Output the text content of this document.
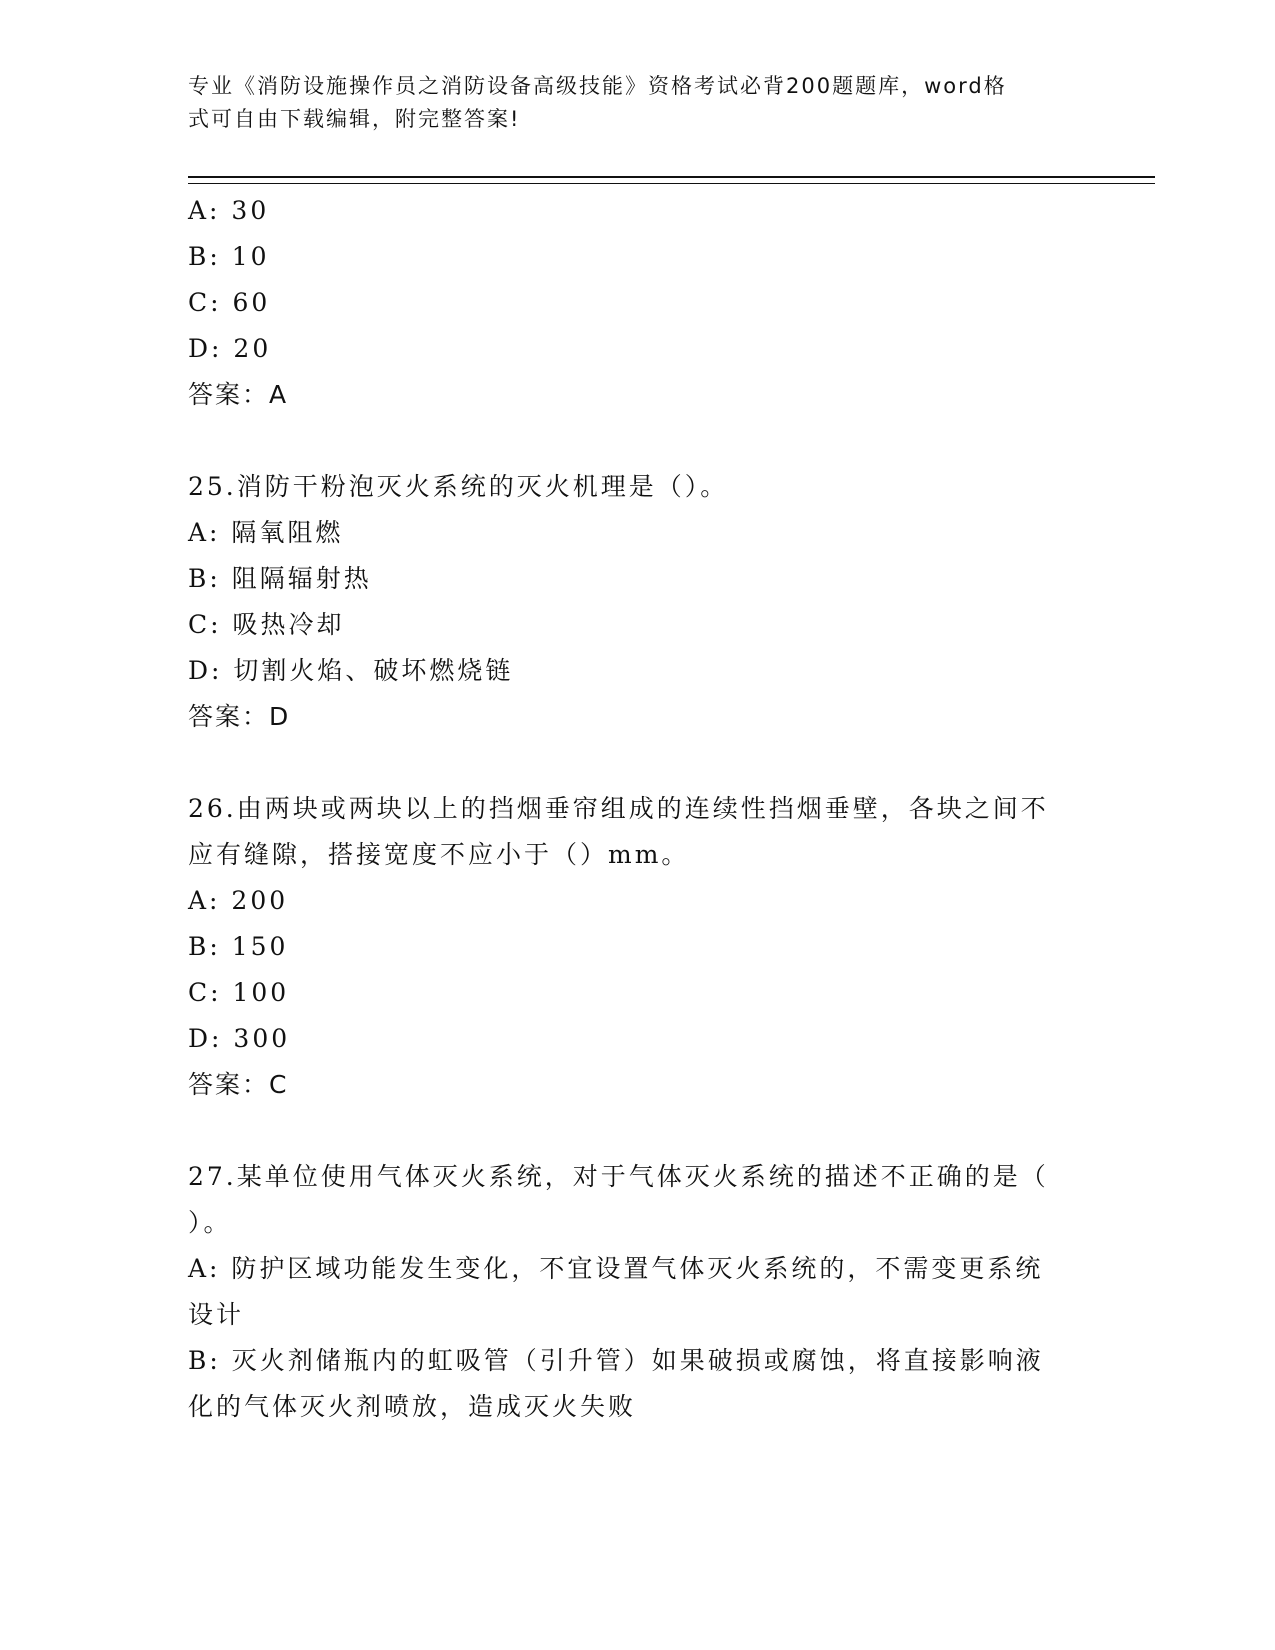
专业《消防设施操作员之消防设备高级技能》资格考试必背200题题库，word格
式可自由下载编辑，附完整答案!
A: 30
B: 10
C: 60
D: 20
答案：A
25.消防干粉泡灭火系统的灭火机理是（）。
A: 隔氧阻燃
B: 阻隔辐射热
C: 吸热冷却
D: 切割火焰、破坏燃烧链
答案：D
26.由两块或两块以上的挡烟垂帘组成的连续性挡烟垂壁，各块之间不
应有缝隙，搭接宽度不应小于（）mm。
A: 200
B: 150
C: 100
D: 300
答案：C
27.某单位使用气体灭火系统，对于气体灭火系统的描述不正确的是（
）。
A: 防护区域功能发生变化，不宜设置气体灭火系统的，不需变更系统
设计
B: 灭火剂储瓶内的虹吸管（引升管）如果破损或腐蚀，将直接影响液
化的气体灭火剂喷放，造成灭火失败
